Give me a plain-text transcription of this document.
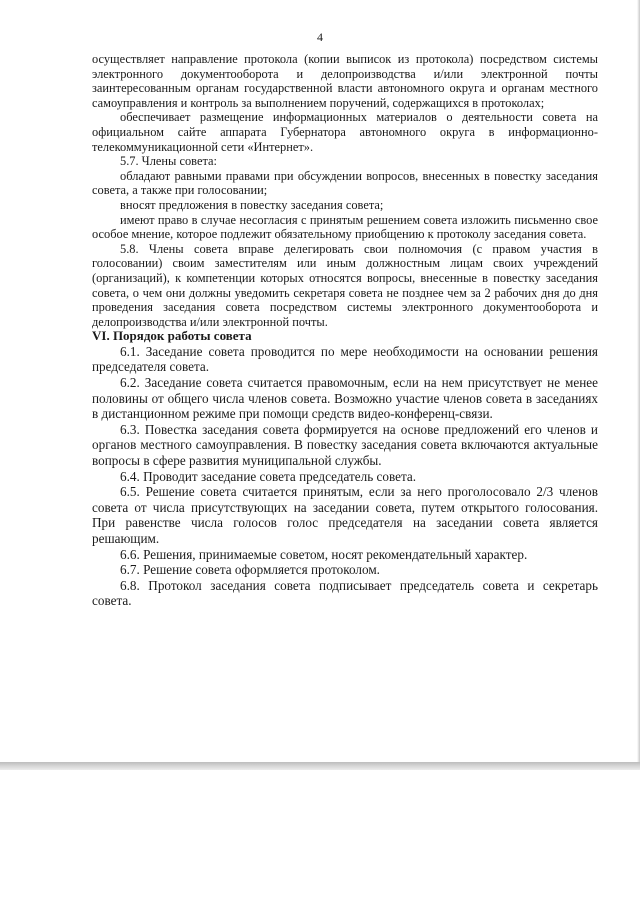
4

осуществляет направление протокола (копии выписок из протокола) посредством системы электронного документооборота и делопроизводства и/или электронной почты заинтересованным органам государственной власти автономного округа и органам местного самоуправления и контроль за выполнением поручений, содержащихся в протоколах;

обеспечивает размещение информационных материалов о деятельности совета на официальном сайте аппарата Губернатора автономного округа в информационно-телекоммуникационной сети «Интернет».

5.7. Члены совета:

обладают равными правами при обсуждении вопросов, внесенных в повестку заседания совета, а также при голосовании;

вносят предложения в повестку заседания совета;

имеют право в случае несогласия с принятым решением совета изложить письменно свое особое мнение, которое подлежит обязательному приобщению к протоколу заседания совета.

5.8. Члены совета вправе делегировать свои полномочия (с правом участия в голосовании) своим заместителям или иным должностным лицам своих учреждений (организаций), к компетенции которых относятся вопросы, внесенные в повестку заседания совета, о чем они должны уведомить секретаря совета не позднее чем за 2 рабочих дня до дня проведения заседания совета посредством системы электронного документооборота и делопроизводства и/или электронной почты.

VI. Порядок работы совета

6.1. Заседание совета проводится по мере необходимости на основании решения председателя совета.

6.2. Заседание совета считается правомочным, если на нем присутствует не менее половины от общего числа членов совета. Возможно участие членов совета в заседаниях в дистанционном режиме при помощи средств видео-конференц-связи.

6.3. Повестка заседания совета формируется на основе предложений его членов и органов местного самоуправления. В повестку заседания совета включаются актуальные вопросы в сфере развития муниципальной службы.

6.4. Проводит заседание совета председатель совета.

6.5. Решение совета считается принятым, если за него проголосовало 2/3 членов совета от числа присутствующих на заседании совета, путем открытого голосования. При равенстве числа голосов голос председателя на заседании совета является решающим.

6.6. Решения, принимаемые советом, носят рекомендательный характер.

6.7. Решение совета оформляется протоколом.

6.8. Протокол заседания совета подписывает председатель совета и секретарь совета.
